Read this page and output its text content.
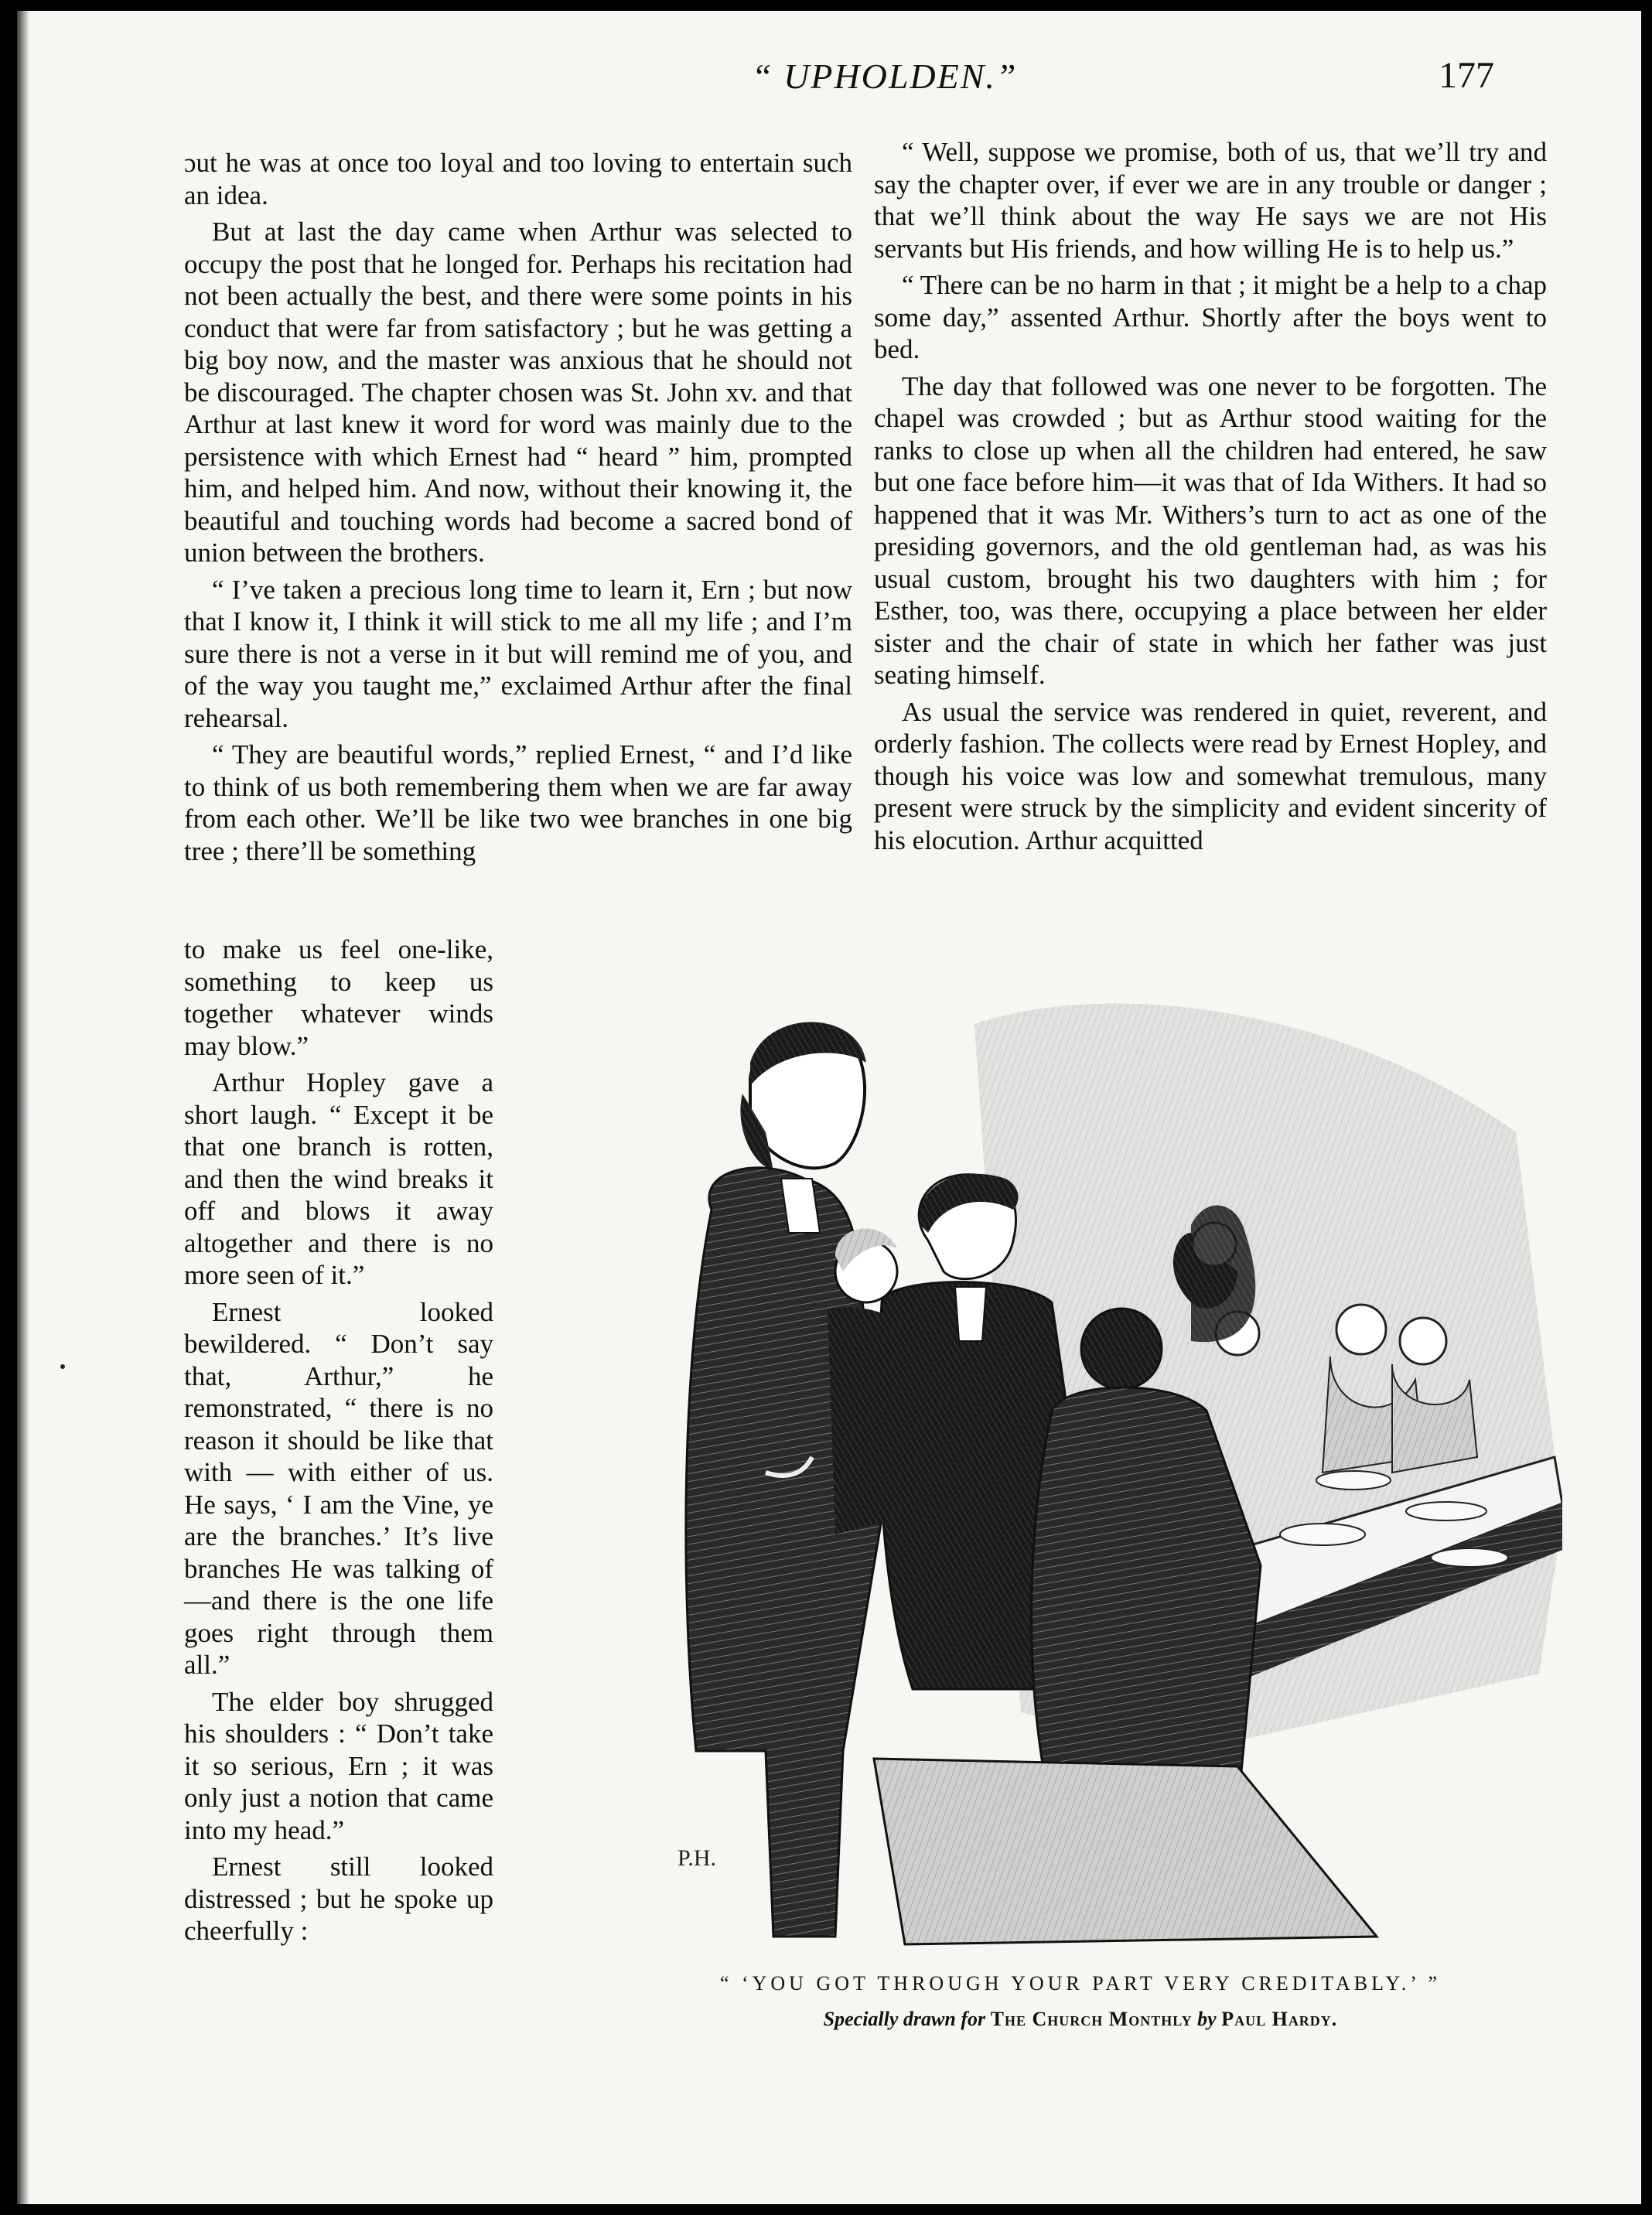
“ UPHOLDEN.”	177

ɔut he was at once too loyal and too loving to entertain such an idea.

But at last the day came when Arthur was selected to occupy the post that he longed for. Perhaps his recitation had not been actually the best, and there were some points in his conduct that were far from satisfactory ; but he was getting a big boy now, and the master was anxious that he should not be discouraged. The chapter chosen was St. John xv. and that Arthur at last knew it word for word was mainly due to the persistence with which Ernest had “ heard ” him, prompted him, and helped him. And now, without their knowing it, the beautiful and touching words had become a sacred bond of union between the brothers.

“ I’ve taken a precious long time to learn it, Ern ; but now that I know it, I think it will stick to me all my life ; and I’m sure there is not a verse in it but will remind me of you, and of the way you taught me,” exclaimed Arthur after the final rehearsal.

“ They are beautiful words,” replied Ernest, “ and I’d like to think of us both remembering them when we are far away from each other. We’ll be like two wee branches in one big tree ; there’ll be something

to make us feel one-like, something to keep us together whatever winds may blow.”

Arthur Hopley gave a short laugh. “ Except it be that one branch is rotten, and then the wind breaks it off and blows it away altogether and there is no more seen of it.”

Ernest looked bewildered. “ Don’t say that, Arthur,” he remonstrated, “ there is no reason it should be like that with — with either of us. He says, ‘ I am the Vine, ye are the branches.’ It’s live branches He was talking of—and there is the one life goes right through them all.”

The elder boy shrugged his shoulders : “ Don’t take it so serious, Ern ; it was only just a notion that came into my head.”

Ernest still looked distressed ; but he spoke up cheerfully :

“ Well, suppose we promise, both of us, that we’ll try and say the chapter over, if ever we are in any trouble or danger ; that we’ll think about the way He says we are not His servants but His friends, and how willing He is to help us.”

“ There can be no harm in that ; it might be a help to a chap some day,” assented Arthur. Shortly after the boys went to bed.

The day that followed was one never to be forgotten. The chapel was crowded ; but as Arthur stood waiting for the ranks to close up when all the children had entered, he saw but one face before him—it was that of Ida Withers. It had so happened that it was Mr. Withers’s turn to act as one of the presiding governors, and the old gentleman had, as was his usual custom, brought his two daughters with him ; for Esther, too, was there, occupying a place between her elder sister and the chair of state in which her father was just seating himself.

As usual the service was rendered in quiet, reverent, and orderly fashion. The collects were read by Ernest Hopley, and though his voice was low and somewhat tremulous, many present were struck by the simplicity and evident sincerity of his elocution. Arthur acquitted

P.H.
“ ‘YOU GOT THROUGH YOUR PART VERY CREDITABLY.’ ”
Specially drawn for The Church Monthly by Paul Hardy.
